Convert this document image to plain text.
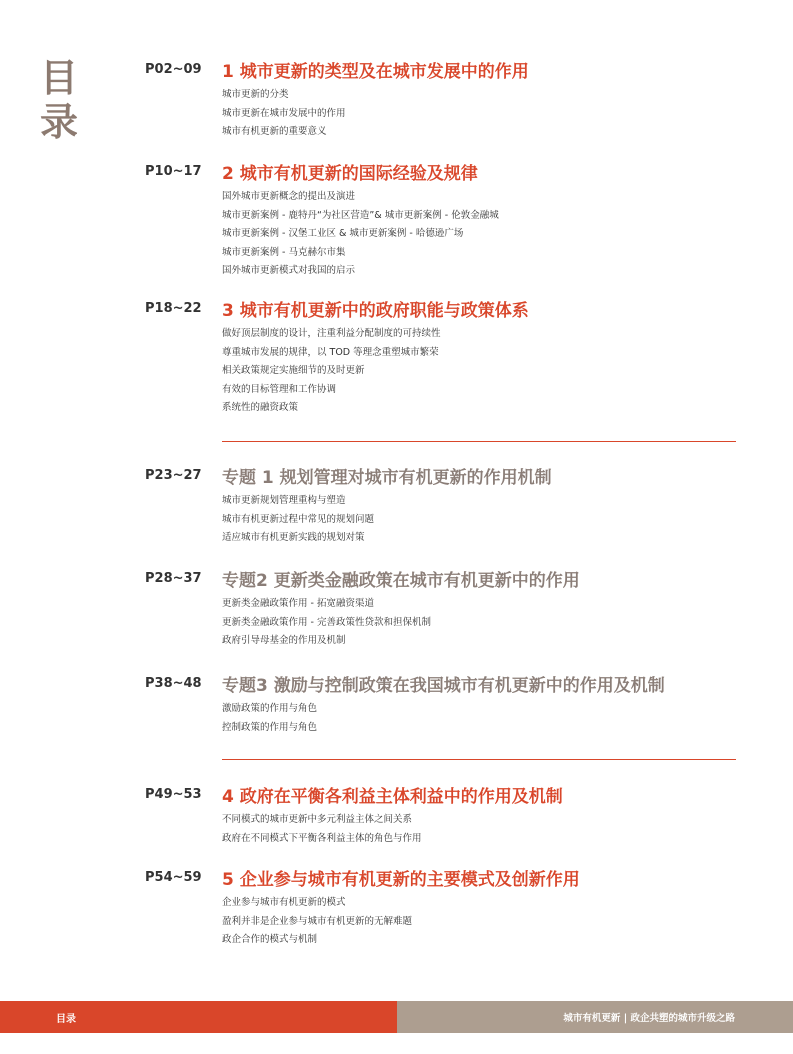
目
录
P02~09 1 城市更新的类型及在城市发展中的作用
城市更新的分类
城市更新在城市发展中的作用
城市有机更新的重要意义
P10~17 2 城市有机更新的国际经验及规律
国外城市更新概念的提出及演进
城市更新案例 - 鹿特丹“为社区营造”& 城市更新案例 - 伦敦金融城
城市更新案例 - 汉堡工业区 & 城市更新案例 - 哈德逊广场
城市更新案例 - 马克赫尔市集
国外城市更新模式对我国的启示
P18~22 3 城市有机更新中的政府职能与政策体系
做好顶层制度的设计，注重利益分配制度的可持续性
尊重城市发展的规律，以 TOD 等理念重塑城市繁荣
相关政策规定实施细节的及时更新
有效的目标管理和工作协调
系统性的融资政策
P23~27 专题 1 规划管理对城市有机更新的作用机制
城市更新规划管理重构与塑造
城市有机更新过程中常见的规划问题
适应城市有机更新实践的规划对策
P28~37 专题2 更新类金融政策在城市有机更新中的作用
更新类金融政策作用 - 拓宽融资渠道
更新类金融政策作用 - 完善政策性贷款和担保机制
政府引导母基金的作用及机制
P38~48 专题3 激励与控制政策在我国城市有机更新中的作用及机制
激励政策的作用与角色
控制政策的作用与角色
P49~53 4 政府在平衡各利益主体利益中的作用及机制
不同模式的城市更新中多元利益主体之间关系
政府在不同模式下平衡各利益主体的角色与作用
P54~59 5 企业参与城市有机更新的主要模式及创新作用
企业参与城市有机更新的模式
盈利并非是企业参与城市有机更新的无解难题
政企合作的模式与机制
目录	城市有机更新 | 政企共塑的城市升级之路
